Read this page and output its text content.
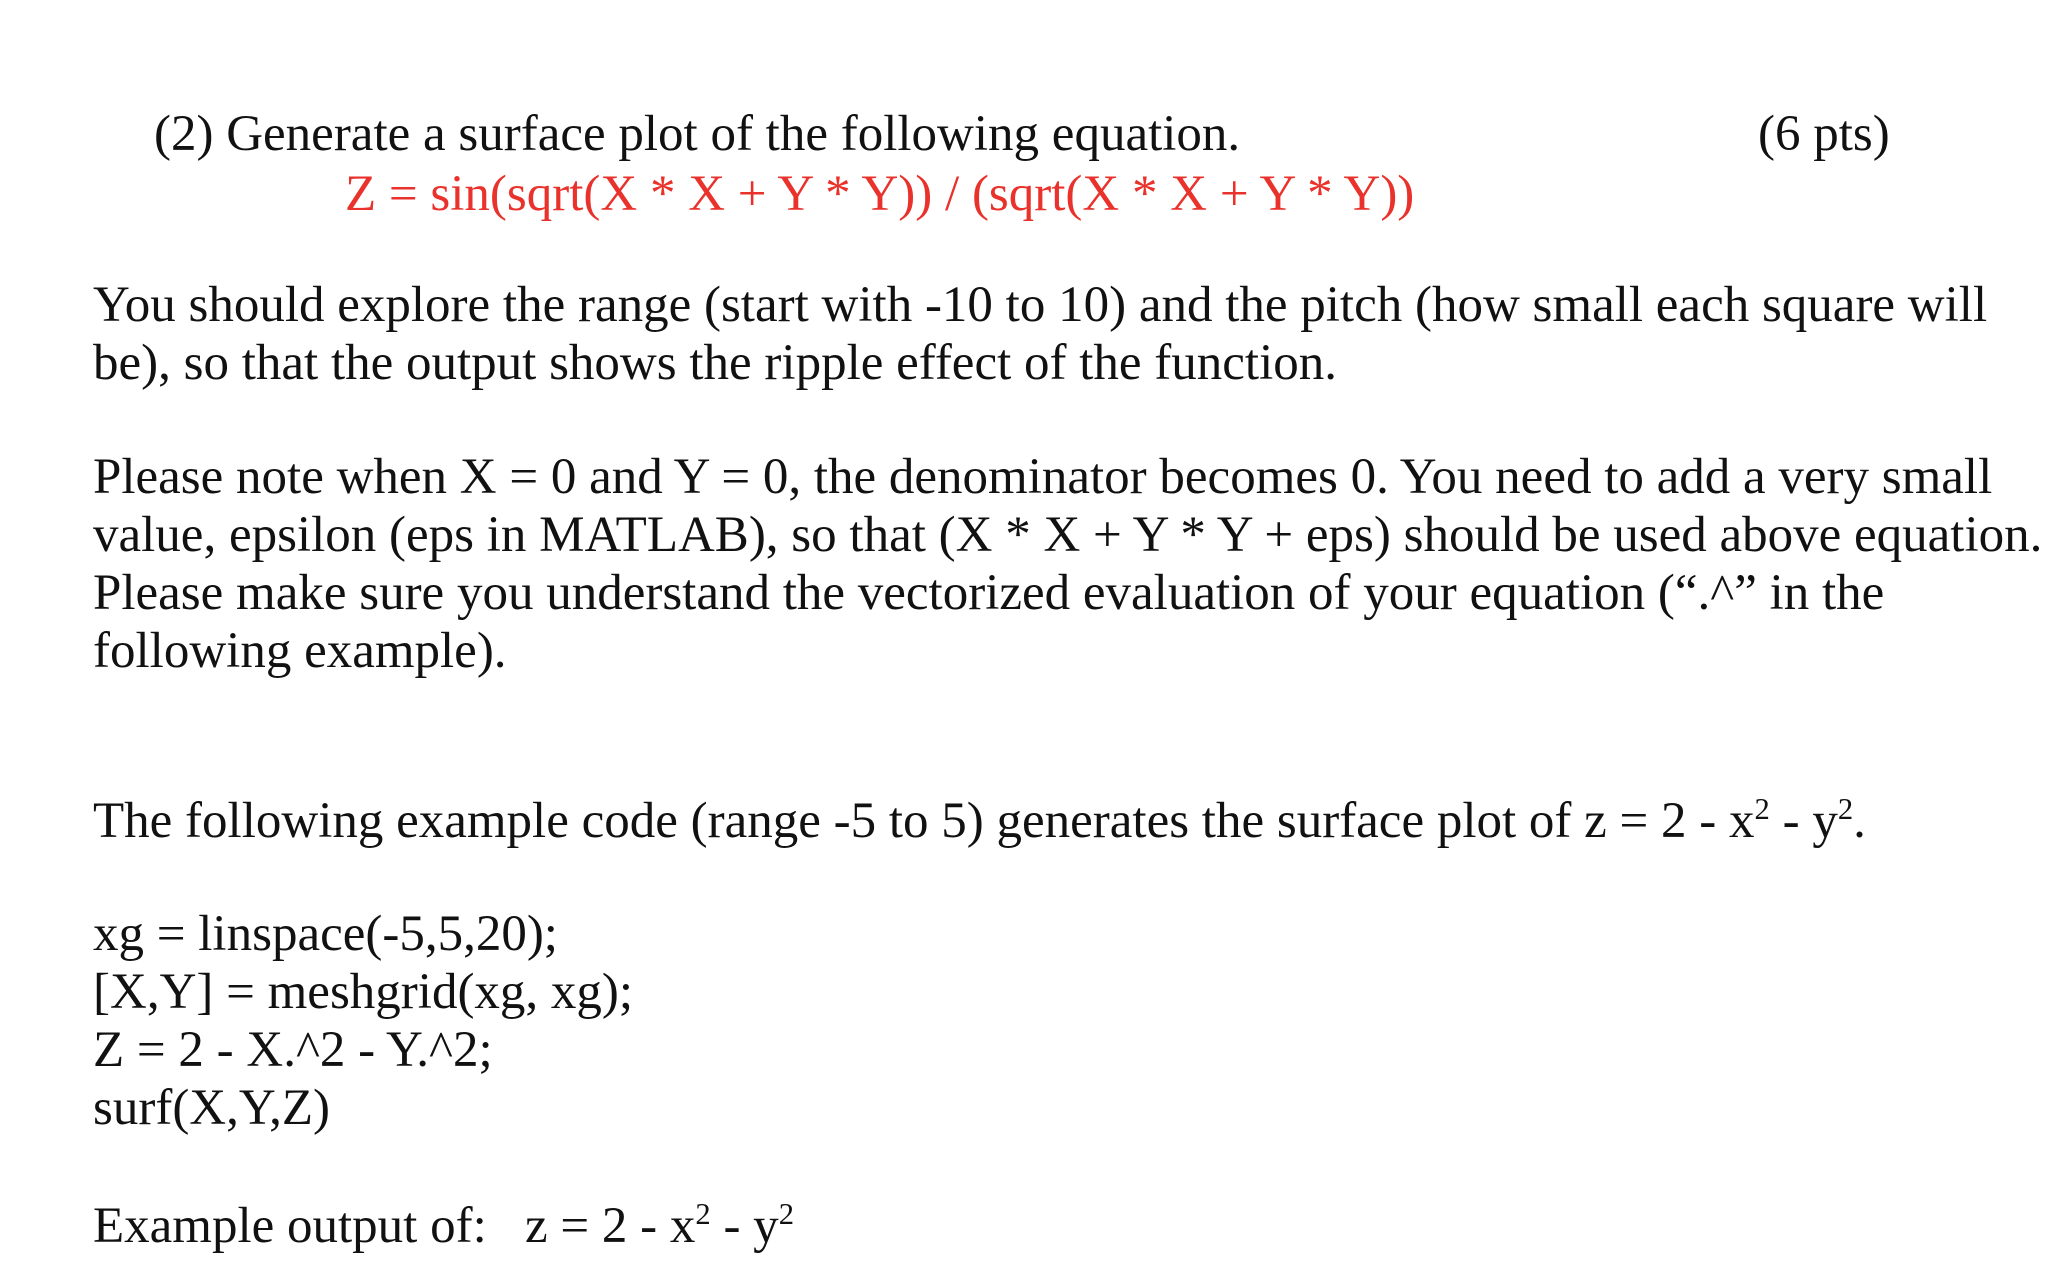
(2) Generate a surface plot of the following equation.	(6 pts)
Z = sin(sqrt(X * X + Y * Y)) / (sqrt(X * X + Y * Y))
You should explore the range (start with -10 to 10) and the pitch (how small each square will
be), so that the output shows the ripple effect of the function.
Please note when X = 0 and Y = 0, the denominator becomes 0. You need to add a very small
value, epsilon (eps in MATLAB), so that (X * X + Y * Y + eps) should be used above equation.
Please make sure you understand the vectorized evaluation of your equation (“.^” in the
following example).
The following example code (range -5 to 5) generates the surface plot of $z = 2 - x^2 - y^2$.
xg = linspace(-5,5,20);
[X,Y] = meshgrid(xg, xg);
Z = 2 - X.^2 - Y.^2;
surf(X,Y,Z)
Example output of: $z = 2 - x^2 - y^2$
